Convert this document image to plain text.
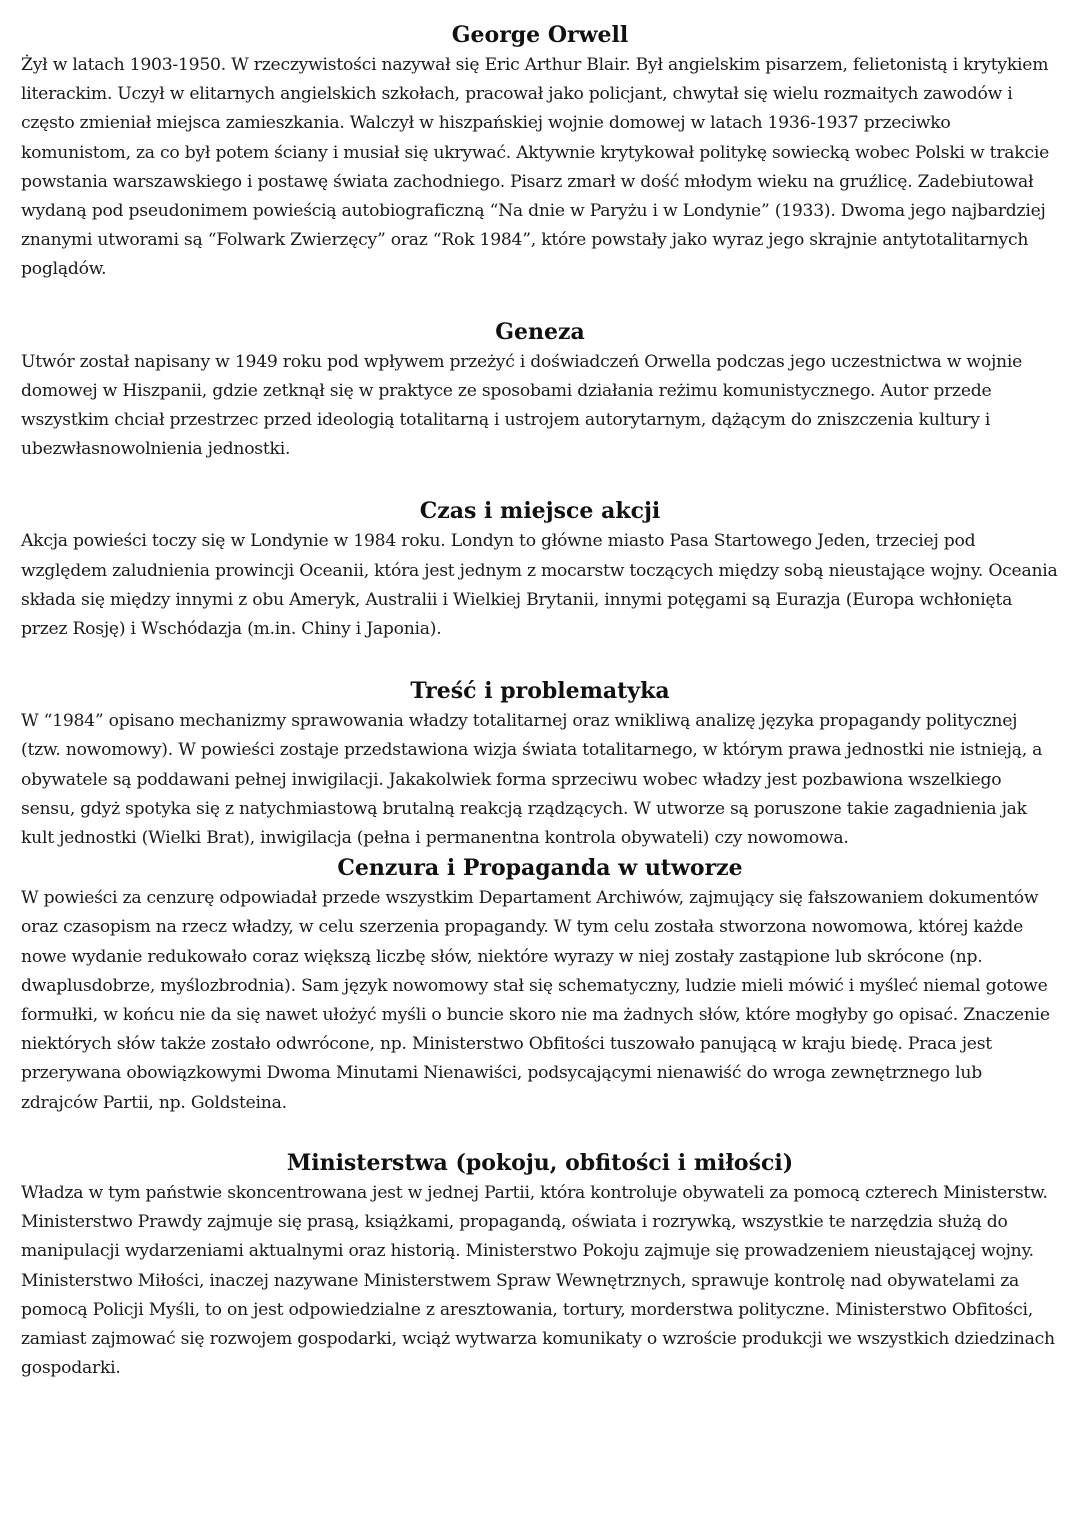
George Orwell

Żył w latach 1903-1950. W rzeczywistości nazywał się Eric Arthur Blair. Był angielskim pisarzem, felietonistą i krytykiem literackim. Uczył w elitarnych angielskich szkołach, pracował jako policjant, chwytał się wielu rozmaitych zawodów i często zmieniał miejsca zamieszkania. Walczył w hiszpańskiej wojnie domowej w latach 1936-1937 przeciwko komunistom, za co był potem ściany i musiał się ukrywać. Aktywnie krytykował politykę sowiecką wobec Polski w trakcie powstania warszawskiego i postawę świata zachodniego. Pisarz zmarł w dość młodym wieku na gruźlicę. Zadebiutował wydaną pod pseudonimem powieścią autobiograficzną “Na dnie w Paryżu i w Londynie” (1933). Dwoma jego najbardziej znanymi utworami są “Folwark Zwierzęcy” oraz “Rok 1984”, które powstały jako wyraz jego skrajnie antytotalitarnych poglądów.

Geneza

Utwór został napisany w 1949 roku pod wpływem przeżyć i doświadczeń Orwella podczas jego uczestnictwa w wojnie domowej w Hiszpanii, gdzie zetknął się w praktyce ze sposobami działania reżimu komunistycznego. Autor przede wszystkim chciał przestrzec przed ideologią totalitarną i ustrojem autorytarnym, dążącym do zniszczenia kultury i ubezwłasnowolnienia jednostki.

Czas i miejsce akcji

Akcja powieści toczy się w Londynie w 1984 roku. Londyn to główne miasto Pasa Startowego Jeden, trzeciej pod względem zaludnienia prowincji Oceanii, która jest jednym z mocarstw toczących między sobą nieustające wojny. Oceania składa się między innymi z obu Ameryk, Australii i Wielkiej Brytanii, innymi potęgami są Eurazja (Europa wchłonięta przez Rosję) i Wschódazja (m.in. Chiny i Japonia).

Treść i problematyka

W “1984” opisano mechanizmy sprawowania władzy totalitarnej oraz wnikliwą analizę języka propagandy politycznej (tzw. nowomowy). W powieści zostaje przedstawiona wizja świata totalitarnego, w którym prawa jednostki nie istnieją, a obywatele są poddawani pełnej inwigilacji. Jakakolwiek forma sprzeciwu wobec władzy jest pozbawiona wszelkiego sensu, gdyż spotyka się z natychmiastową brutalną reakcją rządzących. W utworze są poruszone takie zagadnienia jak kult jednostki (Wielki Brat), inwigilacja (pełna i permanentna kontrola obywateli) czy nowomowa.

Cenzura i Propaganda w utworze

W powieści za cenzurę odpowiadał przede wszystkim Departament Archiwów, zajmujący się fałszowaniem dokumentów oraz czasopism na rzecz władzy, w celu szerzenia propagandy. W tym celu została stworzona nowomowa, której każde nowe wydanie redukowało coraz większą liczbę słów, niektóre wyrazy w niej zostały zastąpione lub skrócone (np. dwaplusdobrze, myślozbrodnia). Sam język nowomowy stał się schematyczny, ludzie mieli mówić i myśleć niemal gotowe formułki, w końcu nie da się nawet ułożyć myśli o buncie skoro nie ma żadnych słów, które mogłyby go opisać. Znaczenie niektórych słów także zostało odwrócone, np. Ministerstwo Obfitości tuszowało panującą w kraju biedę. Praca jest przerywana obowiązkowymi Dwoma Minutami Nienawiści, podsycającymi nienawiść do wroga zewnętrznego lub zdrajców Partii, np. Goldsteina.

Ministerstwa (pokoju, obfitości i miłości)

Władza w tym państwie skoncentrowana jest w jednej Partii, która kontroluje obywateli za pomocą czterech Ministerstw. Ministerstwo Prawdy zajmuje się prasą, książkami, propagandą, oświata i rozrywką, wszystkie te narzędzia służą do manipulacji wydarzeniami aktualnymi oraz historią. Ministerstwo Pokoju zajmuje się prowadzeniem nieustającej wojny. Ministerstwo Miłości, inaczej nazywane Ministerstwem Spraw Wewnętrznych, sprawuje kontrolę nad obywatelami za pomocą Policji Myśli, to on jest odpowiedzialne z aresztowania, tortury, morderstwa polityczne. Ministerstwo Obfitości, zamiast zajmować się rozwojem gospodarki, wciąż wytwarza komunikaty o wzroście produkcji we wszystkich dziedzinach gospodarki.
